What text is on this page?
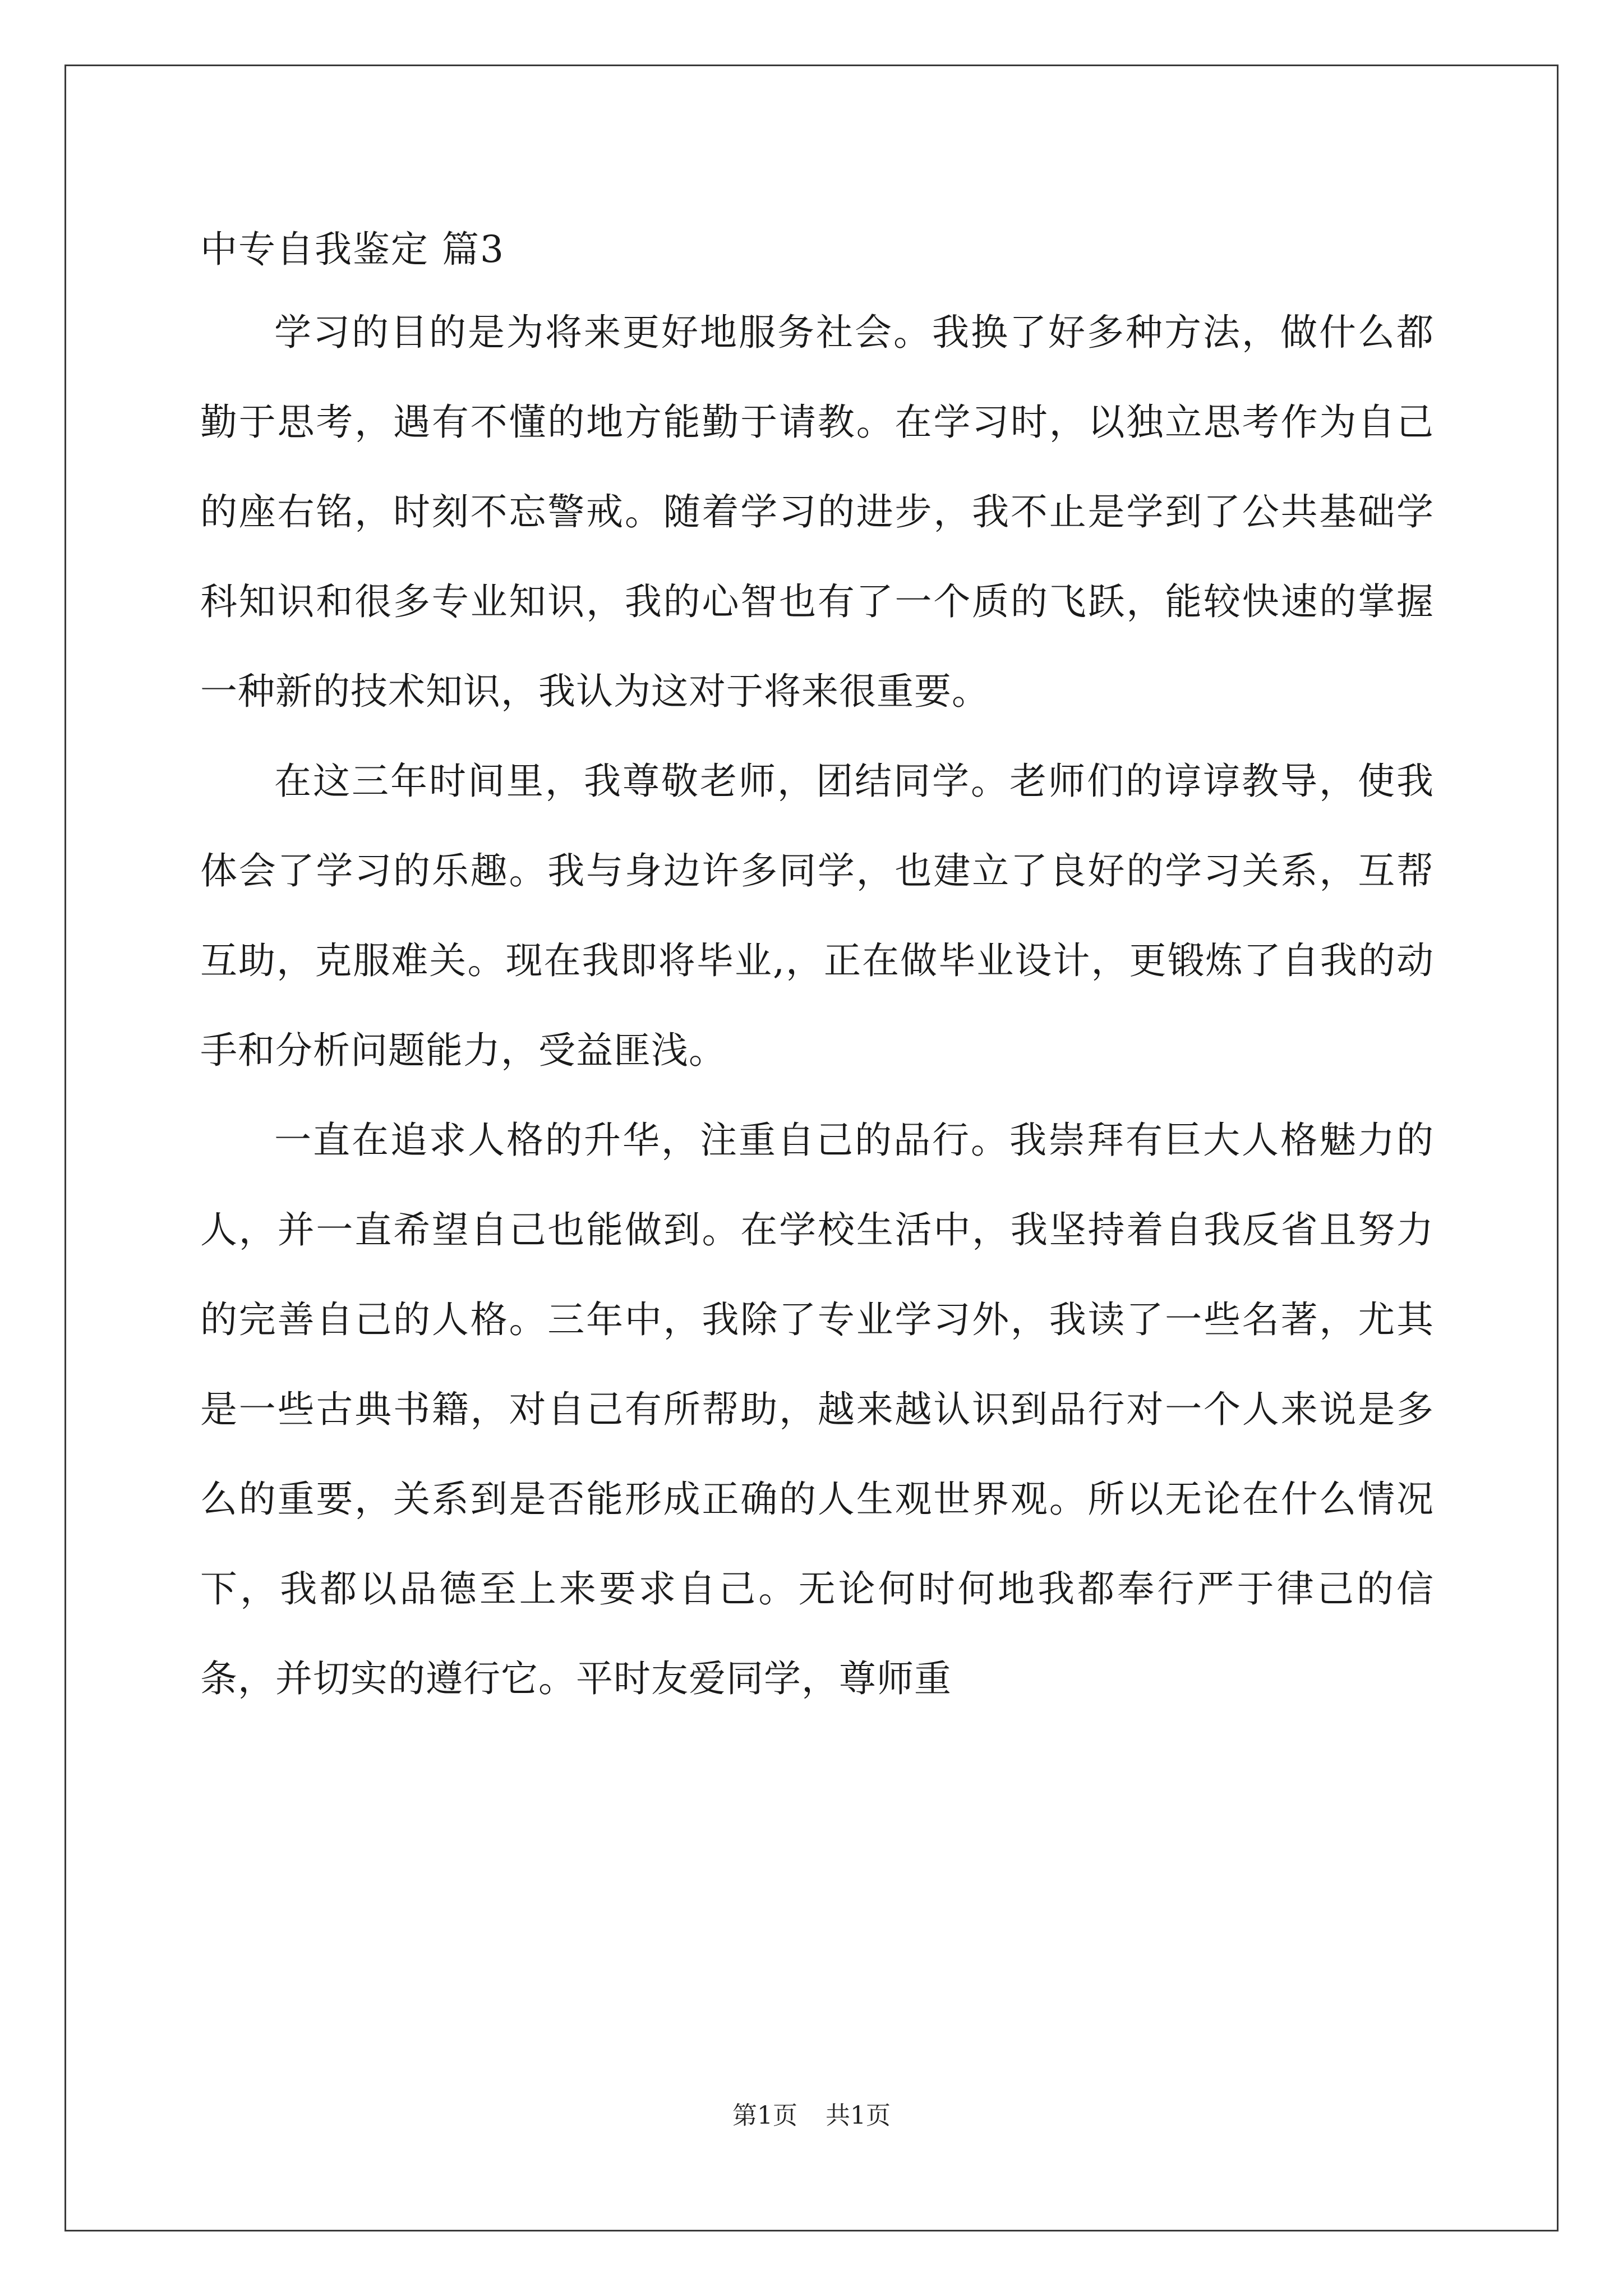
中专自我鉴定 篇3

学习的目的是为将来更好地服务社会。我换了好多种方法，做什么都勤于思考，遇有不懂的地方能勤于请教。在学习时，以独立思考作为自己的座右铭，时刻不忘警戒。随着学习的进步，我不止是学到了公共基础学科知识和很多专业知识，我的心智也有了一个质的飞跃，能较快速的掌握一种新的技术知识，我认为这对于将来很重要。

在这三年时间里，我尊敬老师，团结同学。老师们的谆谆教导，使我体会了学习的乐趣。我与身边许多同学，也建立了良好的学习关系，互帮互助，克服难关。现在我即将毕业,，正在做毕业设计，更锻炼了自我的动手和分析问题能力，受益匪浅。

一直在追求人格的升华，注重自己的品行。我崇拜有巨大人格魅力的人，并一直希望自己也能做到。在学校生活中，我坚持着自我反省且努力的完善自己的人格。三年中，我除了专业学习外，我读了一些名著，尤其是一些古典书籍，对自己有所帮助，越来越认识到品行对一个人来说是多么的重要，关系到是否能形成正确的人生观世界观。所以无论在什么情况下，我都以品德至上来要求自己。无论何时何地我都奉行严于律己的信条，并切实的遵行它。平时友爱同学，尊师重

第1页 共1页
